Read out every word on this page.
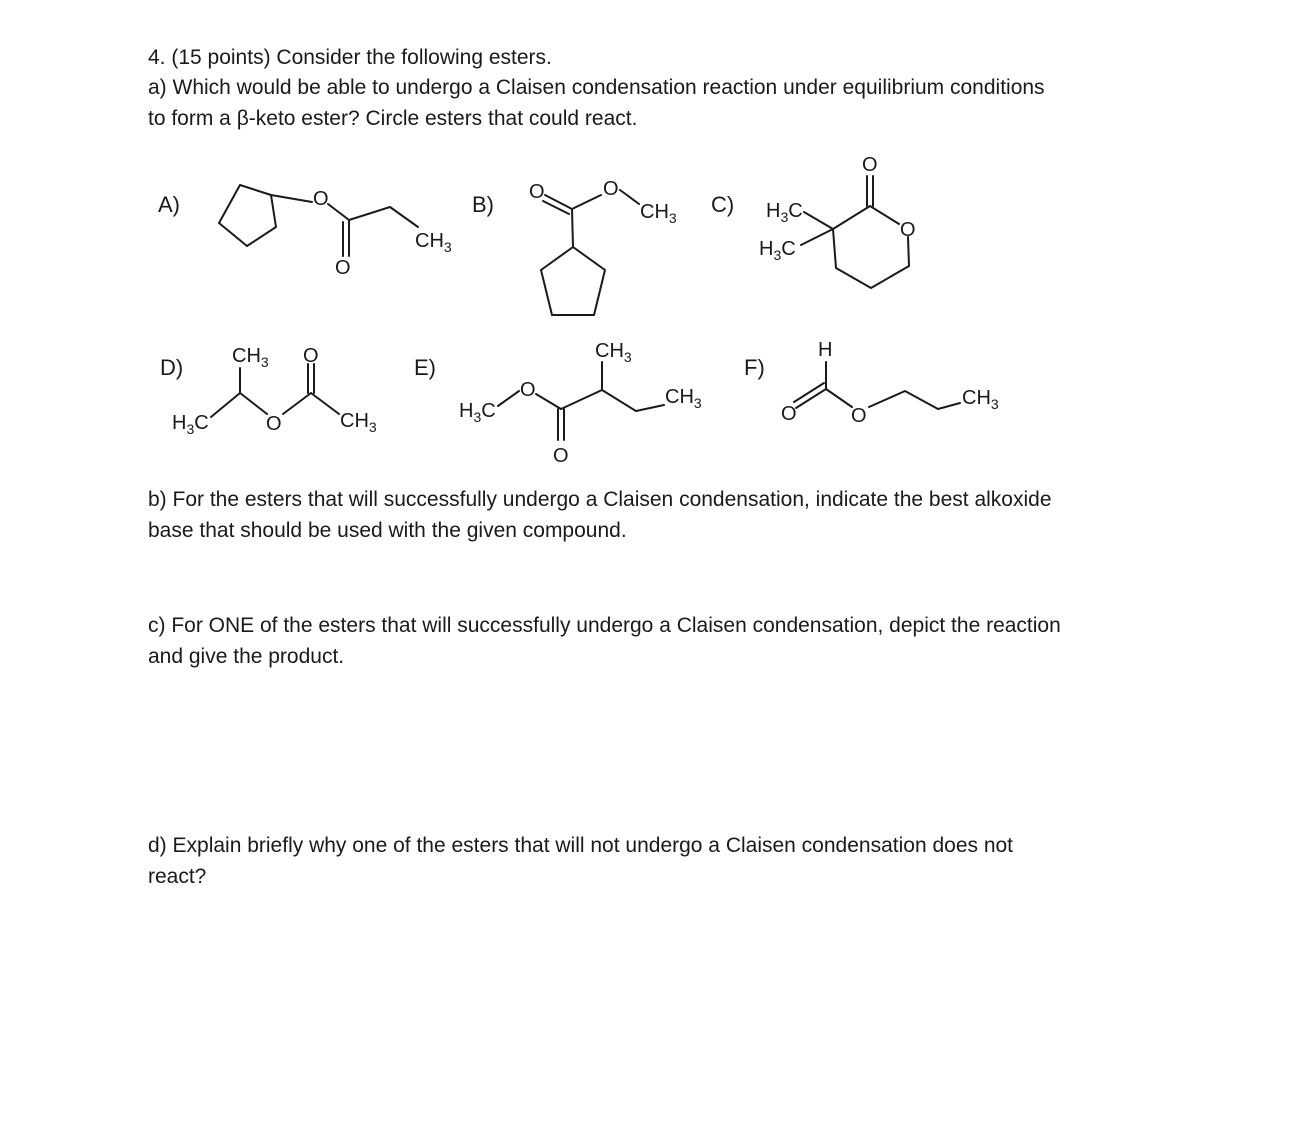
4. (15 points) Consider the following esters.

a) Which would be able to undergo a Claisen condensation reaction under equilibrium conditions

to form a β-keto ester? Circle esters that could react.

A)	O
O
$CH_3$
B) O	O
$CH_3$
C) $H_3C$
$H_3C$
O
O
D) $CH_3$
$H_3C$	O
O
$CH_3$
E)
$H_3C$
O
O
$CH_3$
$CH_3$
F)
H
O	O
$CH_3$

b) For the esters that will successfully undergo a Claisen condensation, indicate the best alkoxide

base that should be used with the given compound.

c) For ONE of the esters that will successfully undergo a Claisen condensation, depict the reaction

and give the product.

d) Explain briefly why one of the esters that will not undergo a Claisen condensation does not

react?
